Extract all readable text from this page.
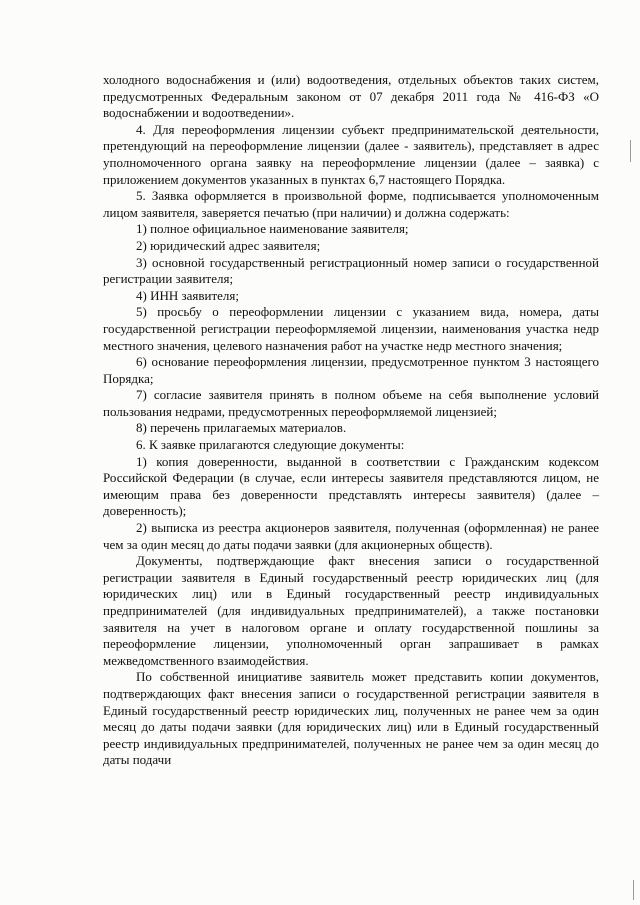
холодного водоснабжения и (или) водоотведения, отдельных объектов таких систем, предусмотренных Федеральным законом от 07 декабря 2011 года № 416-ФЗ «О водоснабжении и водоотведении».

4. Для переоформления лицензии субъект предпринимательской деятельности, претендующий на переоформление лицензии (далее - заявитель), представляет в адрес уполномоченного органа заявку на переоформление лицензии (далее – заявка) с приложением документов указанных в пунктах 6,7 настоящего Порядка.

5. Заявка оформляется в произвольной форме, подписывается уполномоченным лицом заявителя, заверяется печатью (при наличии) и должна содержать:

1) полное официальное наименование заявителя;

2) юридический адрес заявителя;

3) основной государственный регистрационный номер записи о государственной регистрации заявителя;

4) ИНН заявителя;

5) просьбу о переоформлении лицензии с указанием вида, номера, даты государственной регистрации переоформляемой лицензии, наименования участка недр местного значения, целевого назначения работ на участке недр местного значения;

6) основание переоформления лицензии, предусмотренное пунктом 3 настоящего Порядка;

7) согласие заявителя принять в полном объеме на себя выполнение условий пользования недрами, предусмотренных переоформляемой лицензией;

8) перечень прилагаемых материалов.

6. К заявке прилагаются следующие документы:

1) копия доверенности, выданной в соответствии с Гражданским кодексом Российской Федерации (в случае, если интересы заявителя представляются лицом, не имеющим права без доверенности представлять интересы заявителя) (далее – доверенность);

2) выписка из реестра акционеров заявителя, полученная (оформленная) не ранее чем за один месяц до даты подачи заявки (для акционерных обществ).

Документы, подтверждающие факт внесения записи о государственной регистрации заявителя в Единый государственный реестр юридических лиц (для юридических лиц) или в Единый государственный реестр индивидуальных предпринимателей (для индивидуальных предпринимателей), а также постановки заявителя на учет в налоговом органе и оплату государственной пошлины за переоформление лицензии, уполномоченный орган запрашивает в рамках межведомственного взаимодействия.

По собственной инициативе заявитель может представить копии документов, подтверждающих факт внесения записи о государственной регистрации заявителя в Единый государственный реестр юридических лиц, полученных не ранее чем за один месяц до даты подачи заявки (для юридических лиц) или в Единый государственный реестр индивидуальных предпринимателей, полученных не ранее чем за один месяц до даты подачи
